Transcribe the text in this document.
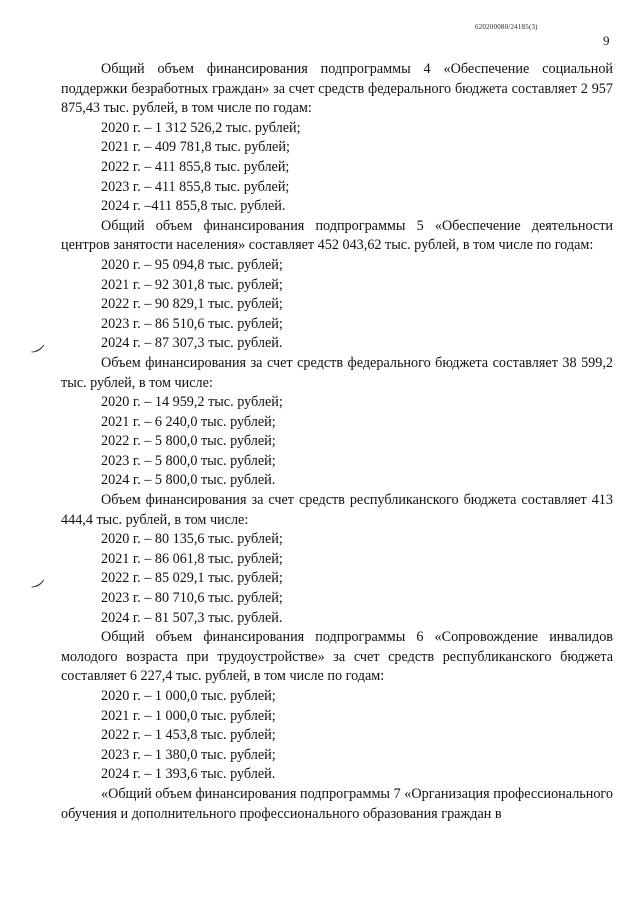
620200080/24185(3)
9
‿
‿

Общий объем финансирования подпрограммы 4 «Обеспечение социальной поддержки безработных граждан» за счет средств федерального бюджета составляет 2 957 875,43 тыс. рублей, в том числе по годам:

2020 г. – 1 312 526,2 тыс. рублей;
2021 г. – 409 781,8 тыс. рублей;
2022 г. – 411 855,8 тыс. рублей;
2023 г. – 411 855,8 тыс. рублей;
2024 г. –411 855,8 тыс. рублей.

Общий объем финансирования подпрограммы 5 «Обеспечение деятельности центров занятости населения» составляет 452 043,62 тыс. рублей, в том числе по годам:

2020 г. – 95 094,8 тыс. рублей;
2021 г. – 92 301,8 тыс. рублей;
2022 г. – 90 829,1 тыс. рублей;
2023 г. – 86 510,6 тыс. рублей;
2024 г. – 87 307,3 тыс. рублей.

Объем финансирования за счет средств федерального бюджета составляет 38 599,2 тыс. рублей, в том числе:

2020 г. – 14 959,2 тыс. рублей;
2021 г. – 6 240,0 тыс. рублей;
2022 г. – 5 800,0 тыс. рублей;
2023 г. – 5 800,0 тыс. рублей;
2024 г. – 5 800,0 тыс. рублей.

Объем финансирования за счет средств республиканского бюджета составляет 413 444,4 тыс. рублей, в том числе:

2020 г. – 80 135,6 тыс. рублей;
2021 г. – 86 061,8 тыс. рублей;
2022 г. – 85 029,1 тыс. рублей;
2023 г. – 80 710,6 тыс. рублей;
2024 г. – 81 507,3 тыс. рублей.

Общий объем финансирования подпрограммы 6 «Сопровождение инвалидов молодого возраста при трудоустройстве» за счет средств республиканского бюджета составляет 6 227,4 тыс. рублей, в том числе по годам:

2020 г. – 1 000,0 тыс. рублей;
2021 г. – 1 000,0 тыс. рублей;
2022 г. – 1 453,8 тыс. рублей;
2023 г. – 1 380,0 тыс. рублей;
2024 г. – 1 393,6 тыс. рублей.

«Общий объем финансирования подпрограммы 7 «Организация профессионального обучения и дополнительного профессионального образования граждан в
